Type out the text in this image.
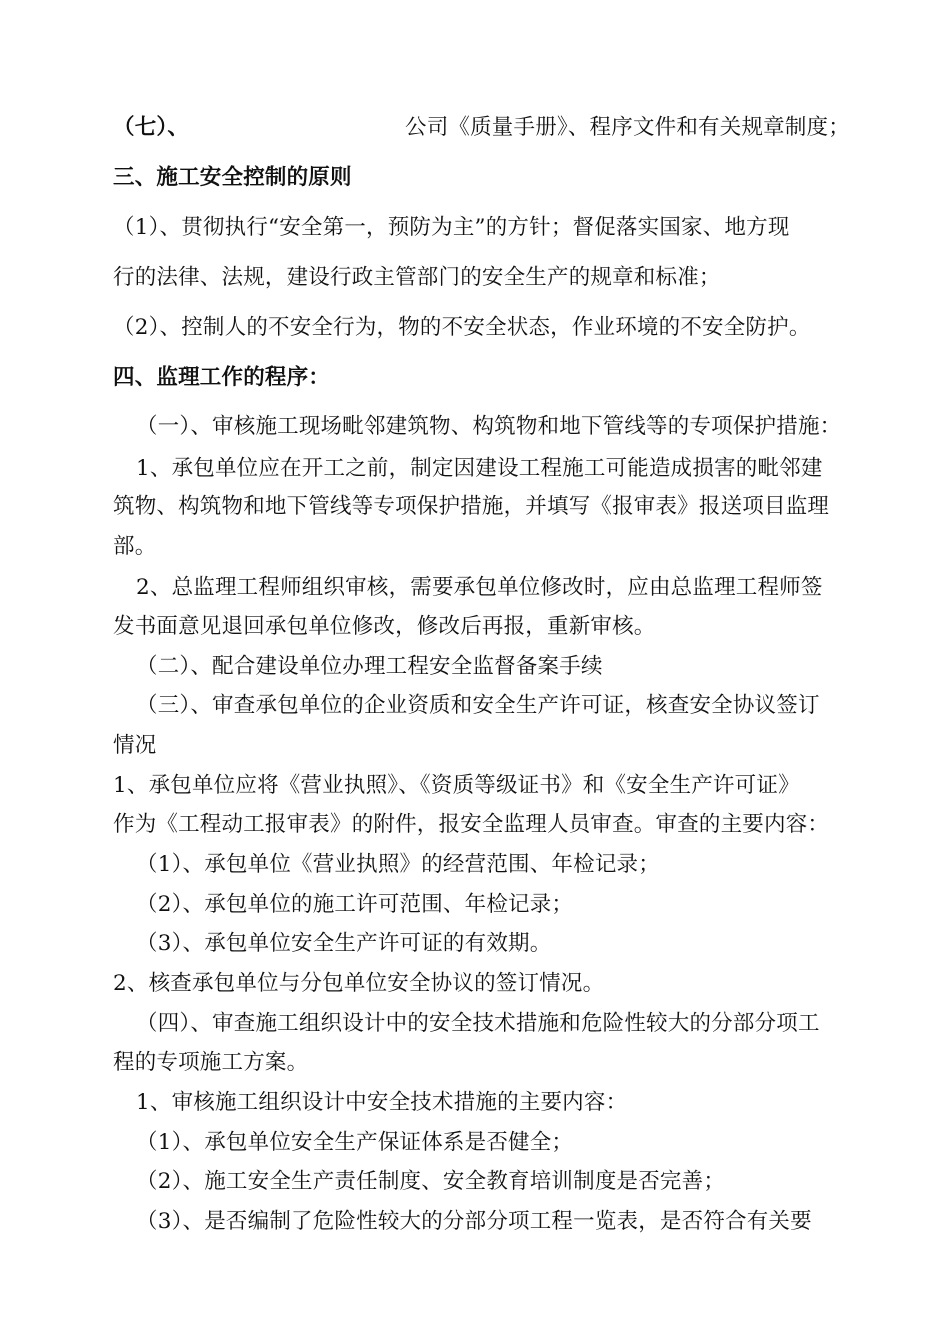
（七）、	公司《质量手册》、程序文件和有关规章制度；
三、施工安全控制的原则
（1）、贯彻执行“安全第一，预防为主”的方针；督促落实国家、地方现
行的法律、法规，建设行政主管部门的安全生产的规章和标准；
（2）、控制人的不安全行为，物的不安全状态，作业环境的不安全防护。
四、监理工作的程序：
（一）、审核施工现场毗邻建筑物、构筑物和地下管线等的专项保护措施：
1、承包单位应在开工之前，制定因建设工程施工可能造成损害的毗邻建
筑物、构筑物和地下管线等专项保护措施，并填写《报审表》报送项目监理
部。
2、总监理工程师组织审核，需要承包单位修改时，应由总监理工程师签
发书面意见退回承包单位修改，修改后再报，重新审核。
（二）、配合建设单位办理工程安全监督备案手续
（三）、审查承包单位的企业资质和安全生产许可证，核查安全协议签订
情况
1、承包单位应将《营业执照》、《资质等级证书》和《安全生产许可证》
作为《工程动工报审表》的附件，报安全监理人员审查。审查的主要内容：
（1）、承包单位《营业执照》的经营范围、年检记录；
（2）、承包单位的施工许可范围、年检记录；
（3）、承包单位安全生产许可证的有效期。
2、核查承包单位与分包单位安全协议的签订情况。
（四）、审查施工组织设计中的安全技术措施和危险性较大的分部分项工
程的专项施工方案。
1、审核施工组织设计中安全技术措施的主要内容：
（1）、承包单位安全生产保证体系是否健全；
（2）、施工安全生产责任制度、安全教育培训制度是否完善；
（3）、是否编制了危险性较大的分部分项工程一览表，是否符合有关要
